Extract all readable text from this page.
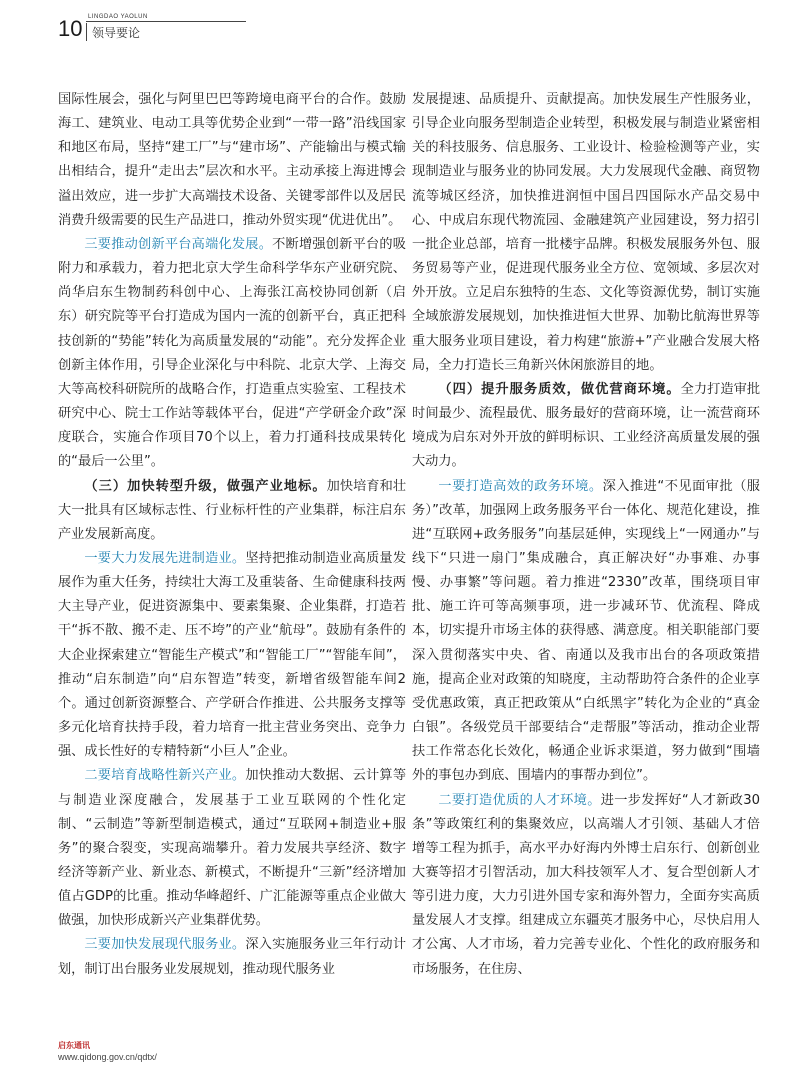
10 LINGDAO YAOLUN
领导要论

国际性展会，强化与阿里巴巴等跨境电商平台的合作。鼓励海工、建筑业、电动工具等优势企业到“一带一路”沿线国家和地区布局，坚持“建工厂”与“建市场”、产能输出与模式输出相结合，提升“走出去”层次和水平。主动承接上海进博会溢出效应，进一步扩大高端技术设备、关键零部件以及居民消费升级需要的民生产品进口，推动外贸实现“优进优出”。

三要推动创新平台高端化发展。不断增强创新平台的吸附力和承载力，着力把北京大学生命科学华东产业研究院、尚华启东生物制药科创中心、上海张江高校协同创新（启东）研究院等平台打造成为国内一流的创新平台，真正把科技创新的“势能”转化为高质量发展的“动能”。充分发挥企业创新主体作用，引导企业深化与中科院、北京大学、上海交大等高校科研院所的战略合作，打造重点实验室、工程技术研究中心、院士工作站等载体平台，促进“产学研金介政”深度联合，实施合作项目70个以上，着力打通科技成果转化的“最后一公里”。

（三）加快转型升级，做强产业地标。加快培育和壮大一批具有区域标志性、行业标杆性的产业集群，标注启东产业发展新高度。

一要大力发展先进制造业。坚持把推动制造业高质量发展作为重大任务，持续壮大海工及重装备、生命健康科技两大主导产业，促进资源集中、要素集聚、企业集群，打造若干“拆不散、搬不走、压不垮”的产业“航母”。鼓励有条件的大企业探索建立“智能生产模式”和“智能工厂”“智能车间”，推动“启东制造”向“启东智造”转变，新增省级智能车间2个。通过创新资源整合、产学研合作推进、公共服务支撑等多元化培育扶持手段，着力培育一批主营业务突出、竞争力强、成长性好的专精特新“小巨人”企业。

二要培育战略性新兴产业。加快推动大数据、云计算等与制造业深度融合，发展基于工业互联网的个性化定制、“云制造”等新型制造模式，通过“互联网+制造业+服务”的聚合裂变，实现高端攀升。着力发展共享经济、数字经济等新产业、新业态、新模式，不断提升“三新”经济增加值占GDP的比重。推动华峰超纤、广汇能源等重点企业做大做强，加快形成新兴产业集群优势。

三要加快发展现代服务业。深入实施服务业三年行动计划，制订出台服务业发展规划，推动现代服务业

发展提速、品质提升、贡献提高。加快发展生产性服务业，引导企业向服务型制造企业转型，积极发展与制造业紧密相关的科技服务、信息服务、工业设计、检验检测等产业，实现制造业与服务业的协同发展。大力发展现代金融、商贸物流等城区经济，加快推进润恒中国吕四国际水产品交易中心、中成启东现代物流园、金融建筑产业园建设，努力招引一批企业总部，培育一批楼宇品牌。积极发展服务外包、服务贸易等产业，促进现代服务业全方位、宽领域、多层次对外开放。立足启东独特的生态、文化等资源优势，制订实施全域旅游发展规划，加快推进恒大世界、加勒比航海世界等重大服务业项目建设，着力构建“旅游+”产业融合发展大格局，全力打造长三角新兴休闲旅游目的地。

（四）提升服务质效，做优营商环境。全力打造审批时间最少、流程最优、服务最好的营商环境，让一流营商环境成为启东对外开放的鲜明标识、工业经济高质量发展的强大动力。

一要打造高效的政务环境。深入推进“不见面审批（服务）”改革，加强网上政务服务平台一体化、规范化建设，推进“互联网+政务服务”向基层延伸，实现线上“一网通办”与线下“只进一扇门”集成融合，真正解决好“办事难、办事慢、办事繁”等问题。着力推进“2330”改革，围绕项目审批、施工许可等高频事项，进一步减环节、优流程、降成本，切实提升市场主体的获得感、满意度。相关职能部门要深入贯彻落实中央、省、南通以及我市出台的各项政策措施，提高企业对政策的知晓度，主动帮助符合条件的企业享受优惠政策，真正把政策从“白纸黑字”转化为企业的“真金白银”。各级党员干部要结合“走帮服”等活动，推动企业帮扶工作常态化长效化，畅通企业诉求渠道，努力做到“围墙外的事包办到底、围墙内的事帮办到位”。

二要打造优质的人才环境。进一步发挥好“人才新政30条”等政策红利的集聚效应，以高端人才引领、基础人才倍增等工程为抓手，高水平办好海内外博士启东行、创新创业大赛等招才引智活动，加大科技领军人才、复合型创新人才等引进力度，大力引进外国专家和海外智力，全面夯实高质量发展人才支撑。组建成立东疆英才服务中心，尽快启用人才公寓、人才市场，着力完善专业化、个性化的政府服务和市场服务，在住房、

启东通讯
www.qidong.gov.cn/qdtx/
